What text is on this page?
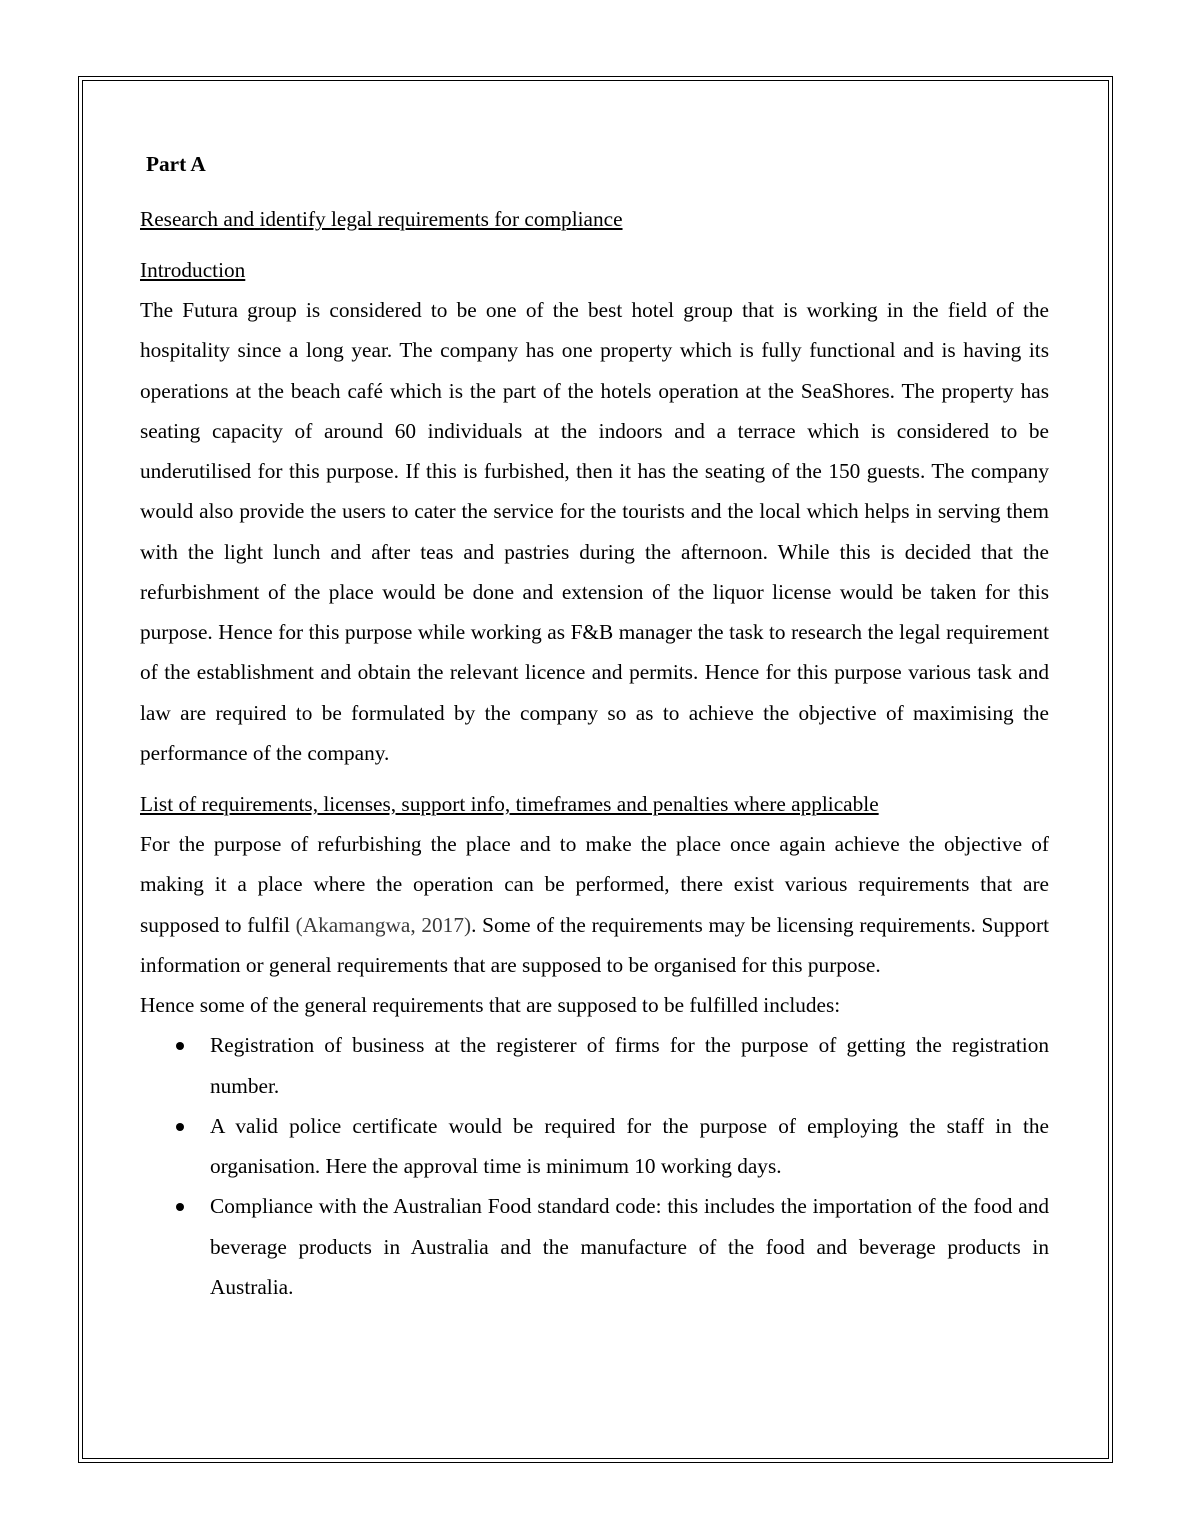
Part A
Research and identify legal requirements for compliance
Introduction

The Futura group is considered to be one of the best hotel group that is working in the field of the hospitality since a long year. The company has one property which is fully functional and is having its operations at the beach café which is the part of the hotels operation at the SeaShores. The property has seating capacity of around 60 individuals at the indoors and a terrace which is considered to be underutilised for this purpose. If this is furbished, then it has the seating of the 150 guests. The company would also provide the users to cater the service for the tourists and the local which helps in serving them with the light lunch and after teas and pastries during the afternoon. While this is decided that the refurbishment of the place would be done and extension of the liquor license would be taken for this purpose. Hence for this purpose while working as F&B manager the task to research the legal requirement of the establishment and obtain the relevant licence and permits. Hence for this purpose various task and law are required to be formulated by the company so as to achieve the objective of maximising the performance of the company.

List of requirements, licenses, support info, timeframes and penalties where applicable

For the purpose of refurbishing the place and to make the place once again achieve the objective of making it a place where the operation can be performed, there exist various requirements that are supposed to fulfil (Akamangwa, 2017). Some of the requirements may be licensing requirements. Support information or general requirements that are supposed to be organised for this purpose.

Hence some of the general requirements that are supposed to be fulfilled includes:

Registration of business at the registerer of firms for the purpose of getting the registration number.
A valid police certificate would be required for the purpose of employing the staff in the organisation. Here the approval time is minimum 10 working days.
Compliance with the Australian Food standard code: this includes the importation of the food and beverage products in Australia and the manufacture of the food and beverage products in Australia.
